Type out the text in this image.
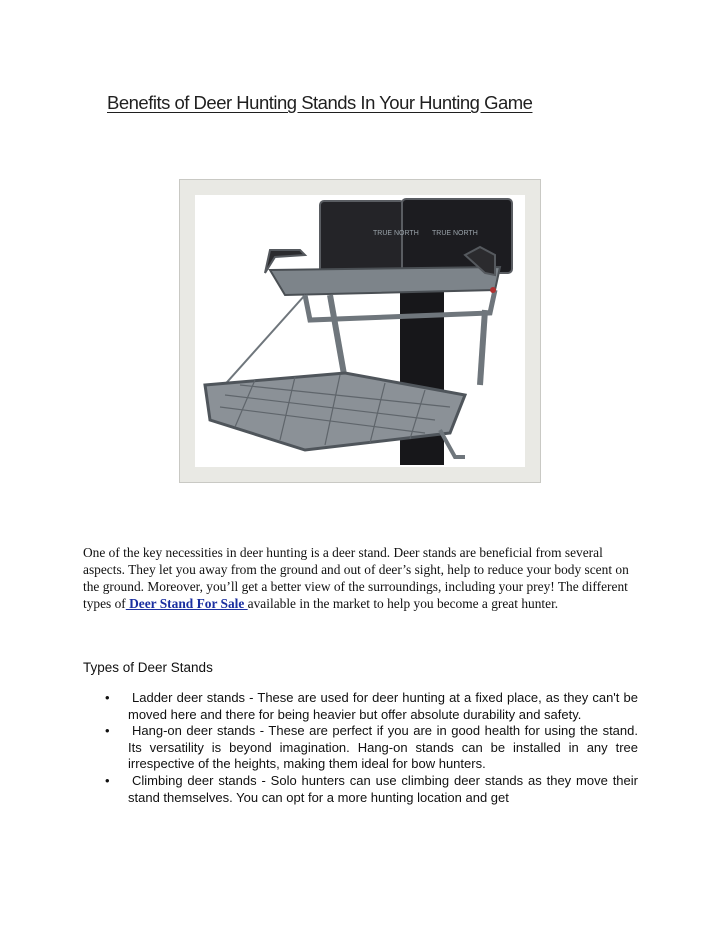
Benefits of Deer Hunting Stands In Your Hunting Game
TRUE NORTH TRUE NORTH

One of the key necessities in deer hunting is a deer stand. Deer stands are beneficial from several aspects. They let you away from the ground and out of deer’s sight, help to reduce your body scent on the ground. Moreover, you’ll get a better view of the surroundings, including your prey! The different types of Deer Stand For Sale available in the market to help you become a great hunter.

Types of Deer Stands

• Ladder deer stands - These are used for deer hunting at a fixed place, as they can't be moved here and there for being heavier but offer absolute durability and safety.
• Hang-on deer stands - These are perfect if you are in good health for using the stand. Its versatility is beyond imagination. Hang-on stands can be installed in any tree irrespective of the heights, making them ideal for bow hunters.
• Climbing deer stands - Solo hunters can use climbing deer stands as they move their stand themselves. You can opt for a more hunting location and get
